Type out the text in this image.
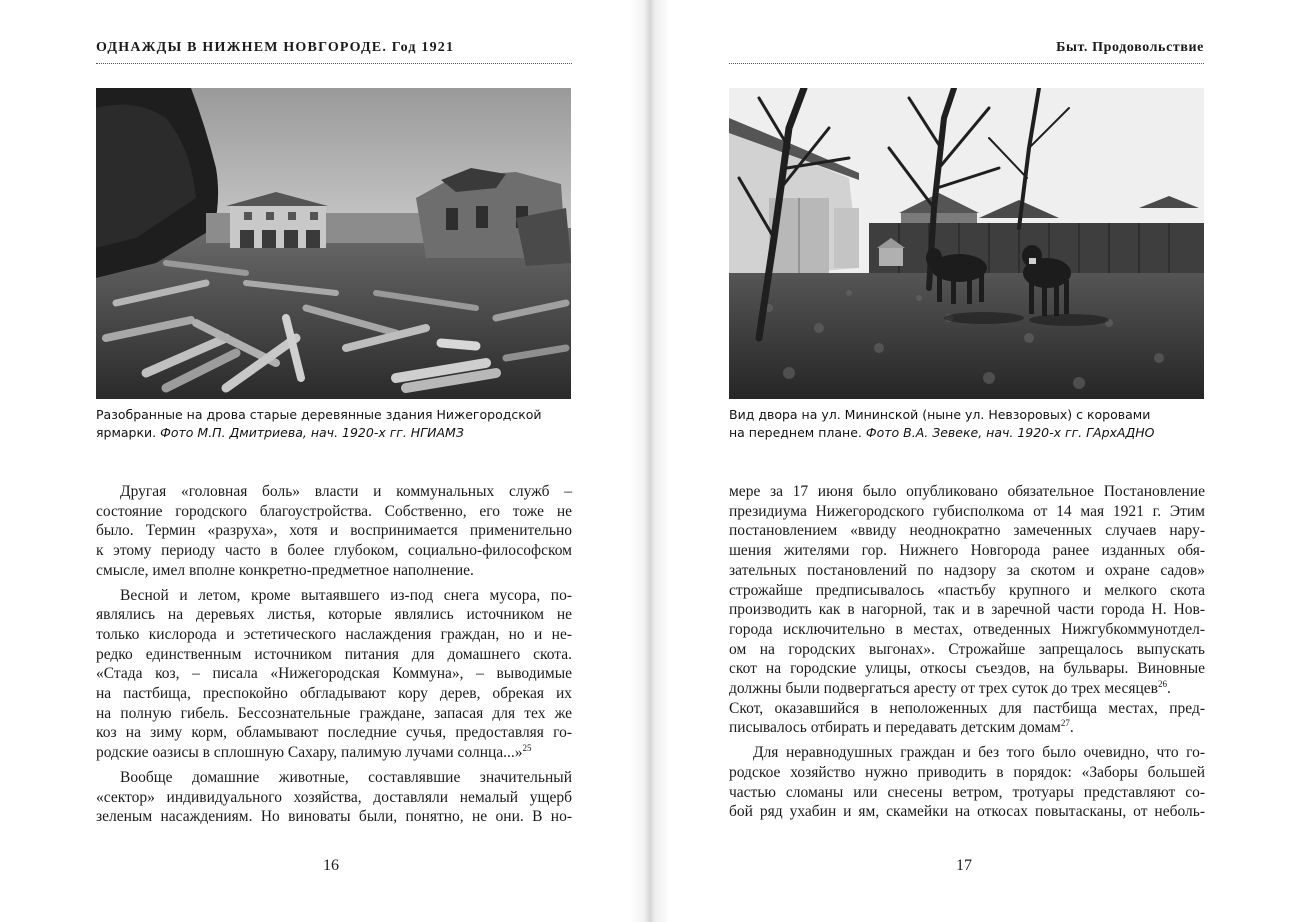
ОДНАЖДЫ В НИЖНЕМ НОВГОРОДЕ. Год 1921
Разобранные на дрова старые деревянные здания Нижегородской
ярмарки. Фото М.П. Дмитриева, нач. 1920-х гг. НГИАМЗ
Другая «головная боль» власти и коммунальных служб –
состояние городского благоустройства. Собственно, его тоже не
было. Термин «разруха», хотя и воспринимается применительно
к этому периоду часто в более глубоком, социально-философском
смысле, имел вполне конкретно-предметное наполнение.
Весной и летом, кроме вытаявшего из-под снега мусора, по-
являлись на деревьях листья, которые являлись источником не
только кислорода и эстетического наслаждения граждан, но и не-
редко единственным источником питания для домашнего скота.
«Стада коз, – писала «Нижегородская Коммуна», – выводимые
на пастбища, преспокойно обгладывают кору дерев, обрекая их
на полную гибель. Бессознательные граждане, запасая для тех же
коз на зиму корм, обламывают последние сучья, предоставляя го-
родские оазисы в сплошную Сахару, палимую лучами солнца...»$^{25}$
Вообще домашние животные, составлявшие значительный
«сектор» индивидуального хозяйства, доставляли немалый ущерб
зеленым насаждениям. Но виноваты были, понятно, не они. В но-
16
Быт. Продовольствие
Вид двора на ул. Мининской (ныне ул. Невзоровых) с коровами
на переднем плане. Фото В.А. Зевеке, нач. 1920-х гг. ГАрхАДНО
мере за 17 июня было опубликовано обязательное Постановление
президиума Нижегородского губисполкома от 14 мая 1921 г. Этим
постановлением «ввиду неоднократно замеченных случаев нару-
шения жителями гор. Нижнего Новгорода ранее изданных обя-
зательных постановлений по надзору за скотом и охране садов»
строжайше предписывалось «пастьбу крупного и мелкого скота
производить как в нагорной, так и в заречной части города Н. Нов-
города исключительно в местах, отведенных Нижгубкоммунотдел-
ом на городских выгонах». Строжайше запрещалось выпускать
скот на городские улицы, откосы съездов, на бульвары. Виновные
должны были подвергаться аресту от трех суток до трех месяцев$^{26}$.
Скот, оказавшийся в неположенных для пастбища местах, пред-
писывалось отбирать и передавать детским домам$^{27}$.
Для неравнодушных граждан и без того было очевидно, что го-
родское хозяйство нужно приводить в порядок: «Заборы большей
частью сломаны или снесены ветром, тротуары представляют со-
бой ряд ухабин и ям, скамейки на откосах повытасканы, от неболь-
17
